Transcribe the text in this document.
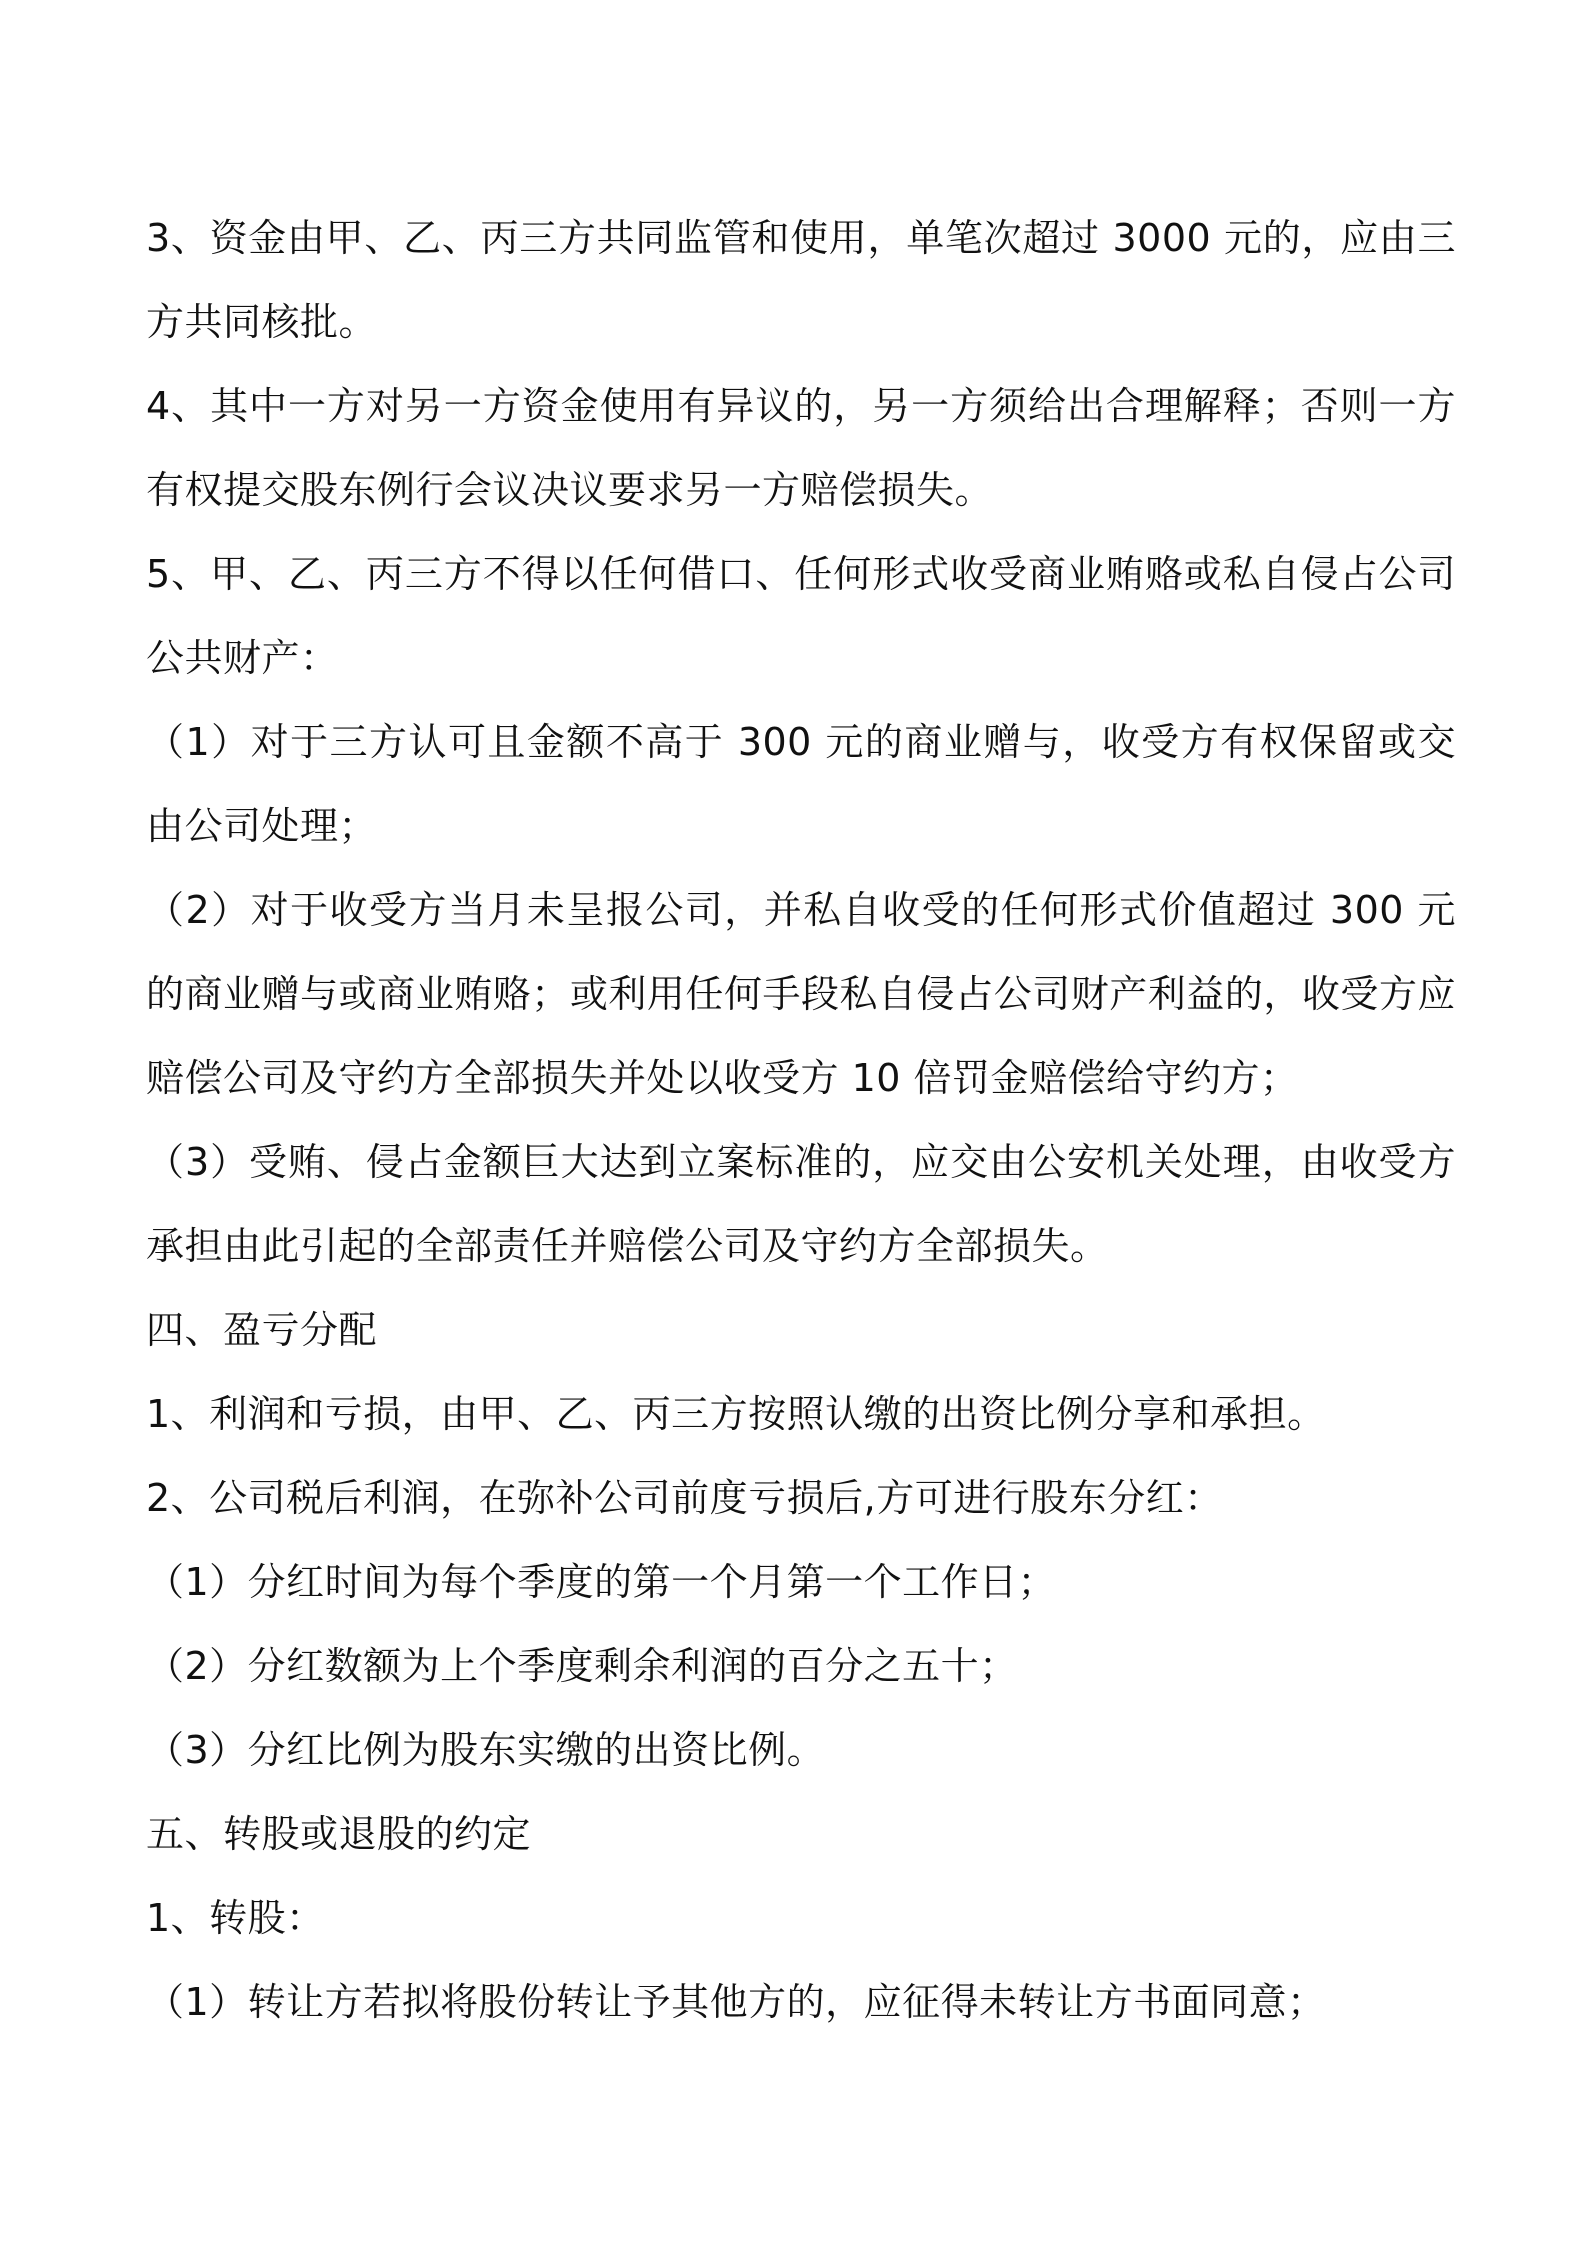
3、资金由甲、乙、丙三方共同监管和使用，单笔次超过 3000 元的，应由三方共同核批。

4、其中一方对另一方资金使用有异议的，另一方须给出合理解释；否则一方有权提交股东例行会议决议要求另一方赔偿损失。

5、甲、乙、丙三方不得以任何借口、任何形式收受商业贿赂或私自侵占公司公共财产：

（1）对于三方认可且金额不高于 300 元的商业赠与，收受方有权保留或交由公司处理；

（2）对于收受方当月未呈报公司，并私自收受的任何形式价值超过 300 元的商业赠与或商业贿赂；或利用任何手段私自侵占公司财产利益的，收受方应赔偿公司及守约方全部损失并处以收受方 10 倍罚金赔偿给守约方；

（3）受贿、侵占金额巨大达到立案标准的，应交由公安机关处理，由收受方承担由此引起的全部责任并赔偿公司及守约方全部损失。

四、盈亏分配

1、利润和亏损，由甲、乙、丙三方按照认缴的出资比例分享和承担。

2、公司税后利润，在弥补公司前度亏损后,方可进行股东分红：

（1）分红时间为每个季度的第一个月第一个工作日；

（2）分红数额为上个季度剩余利润的百分之五十；

（3）分红比例为股东实缴的出资比例。

五、转股或退股的约定

1、转股：

（1）转让方若拟将股份转让予其他方的，应征得未转让方书面同意；
